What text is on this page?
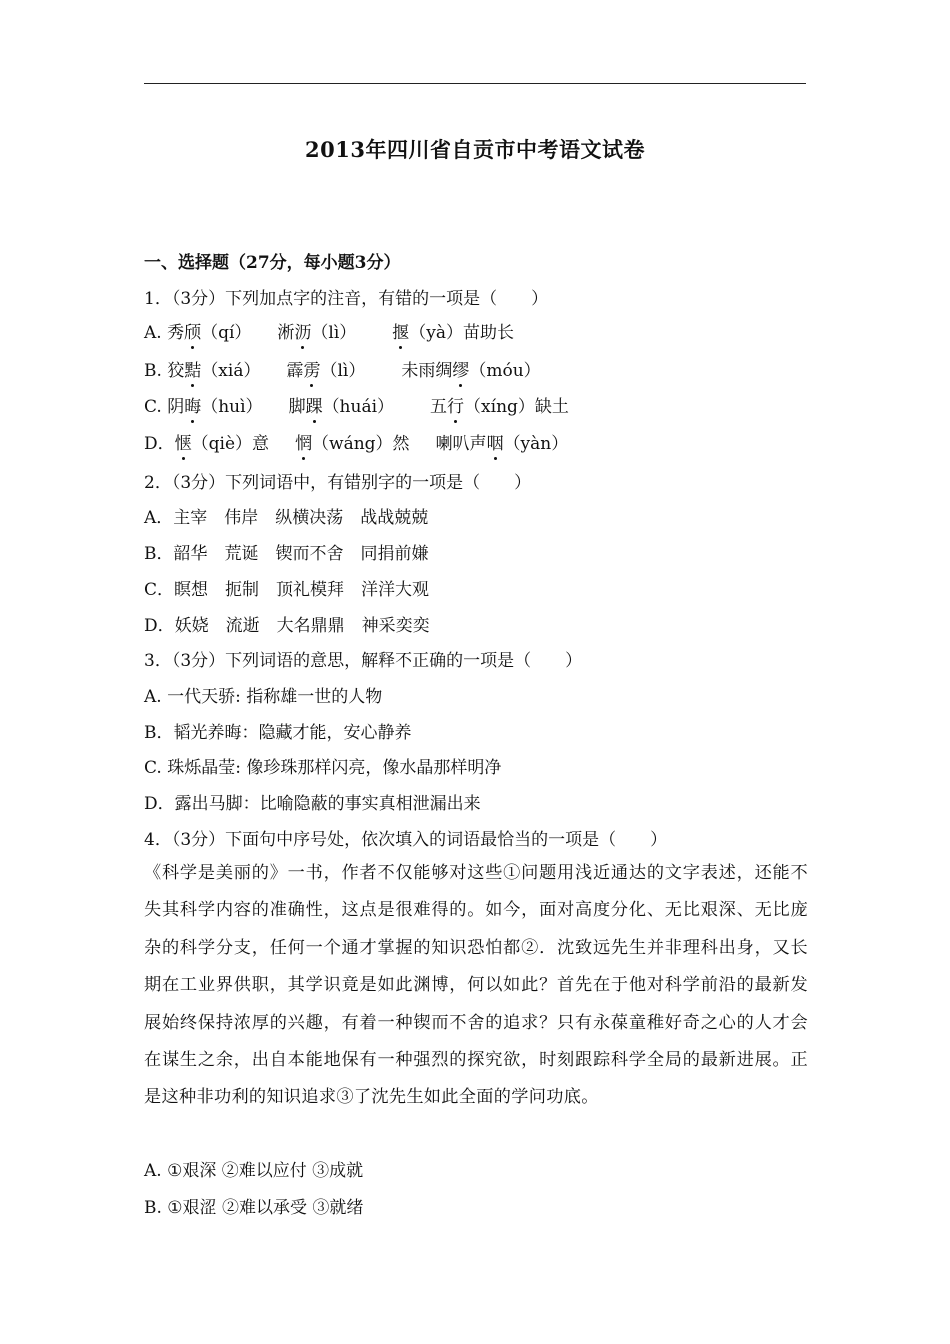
2013年四川省自贡市中考语文试卷
一、选择题（27分，每小题3分）
1．（3分）下列加点字的注音，有错的一项是（　　）
A. 秀颀（qí） 淅沥（lì） 揠（yà）苗助长
B. 狡黠（xiá） 霹雳（lì） 未雨绸缪（móu）
C. 阴晦（huì） 脚踝（huái） 五行（xíng）缺土
D．惬（qiè）意 惘（wáng）然 喇叭声咽（yàn）
2．（3分）下列词语中，有错别字的一项是（　　）
A．主宰　伟岸　纵横决荡　战战兢兢
B．韶华　荒诞　锲而不舍　同捐前嫌
C．瞑想　扼制　顶礼模拜　洋洋大观
D．妖娆　流逝　大名鼎鼎　神采奕奕
3．（3分）下列词语的意思，解释不正确的一项是（　　）
A. 一代天骄: 指称雄一世的人物
B．韬光养晦：隐藏才能，安心静养
C. 珠烁晶莹: 像珍珠那样闪亮，像水晶那样明净
D．露出马脚：比喻隐蔽的事实真相泄漏出来
4．（3分）下面句中序号处，依次填入的词语最恰当的一项是（　　）
《科学是美丽的》一书，作者不仅能够对这些①问题用浅近通达的文字表述，还能不失其科学内容的准确性，这点是很难得的。如今，面对高度分化、无比艰深、无比庞杂的科学分支，任何一个通才掌握的知识恐怕都②．沈致远先生并非理科出身，又长期在工业界供职，其学识竟是如此渊博，何以如此？首先在于他对科学前沿的最新发展始终保持浓厚的兴趣，有着一种锲而不舍的追求？只有永葆童稚好奇之心的人才会在谋生之余，出自本能地保有一种强烈的探究欲，时刻跟踪科学全局的最新进展。正是这种非功利的知识追求③了沈先生如此全面的学问功底。
A. ①艰深 ②难以应付 ③成就
B. ①艰涩 ②难以承受 ③就绪
